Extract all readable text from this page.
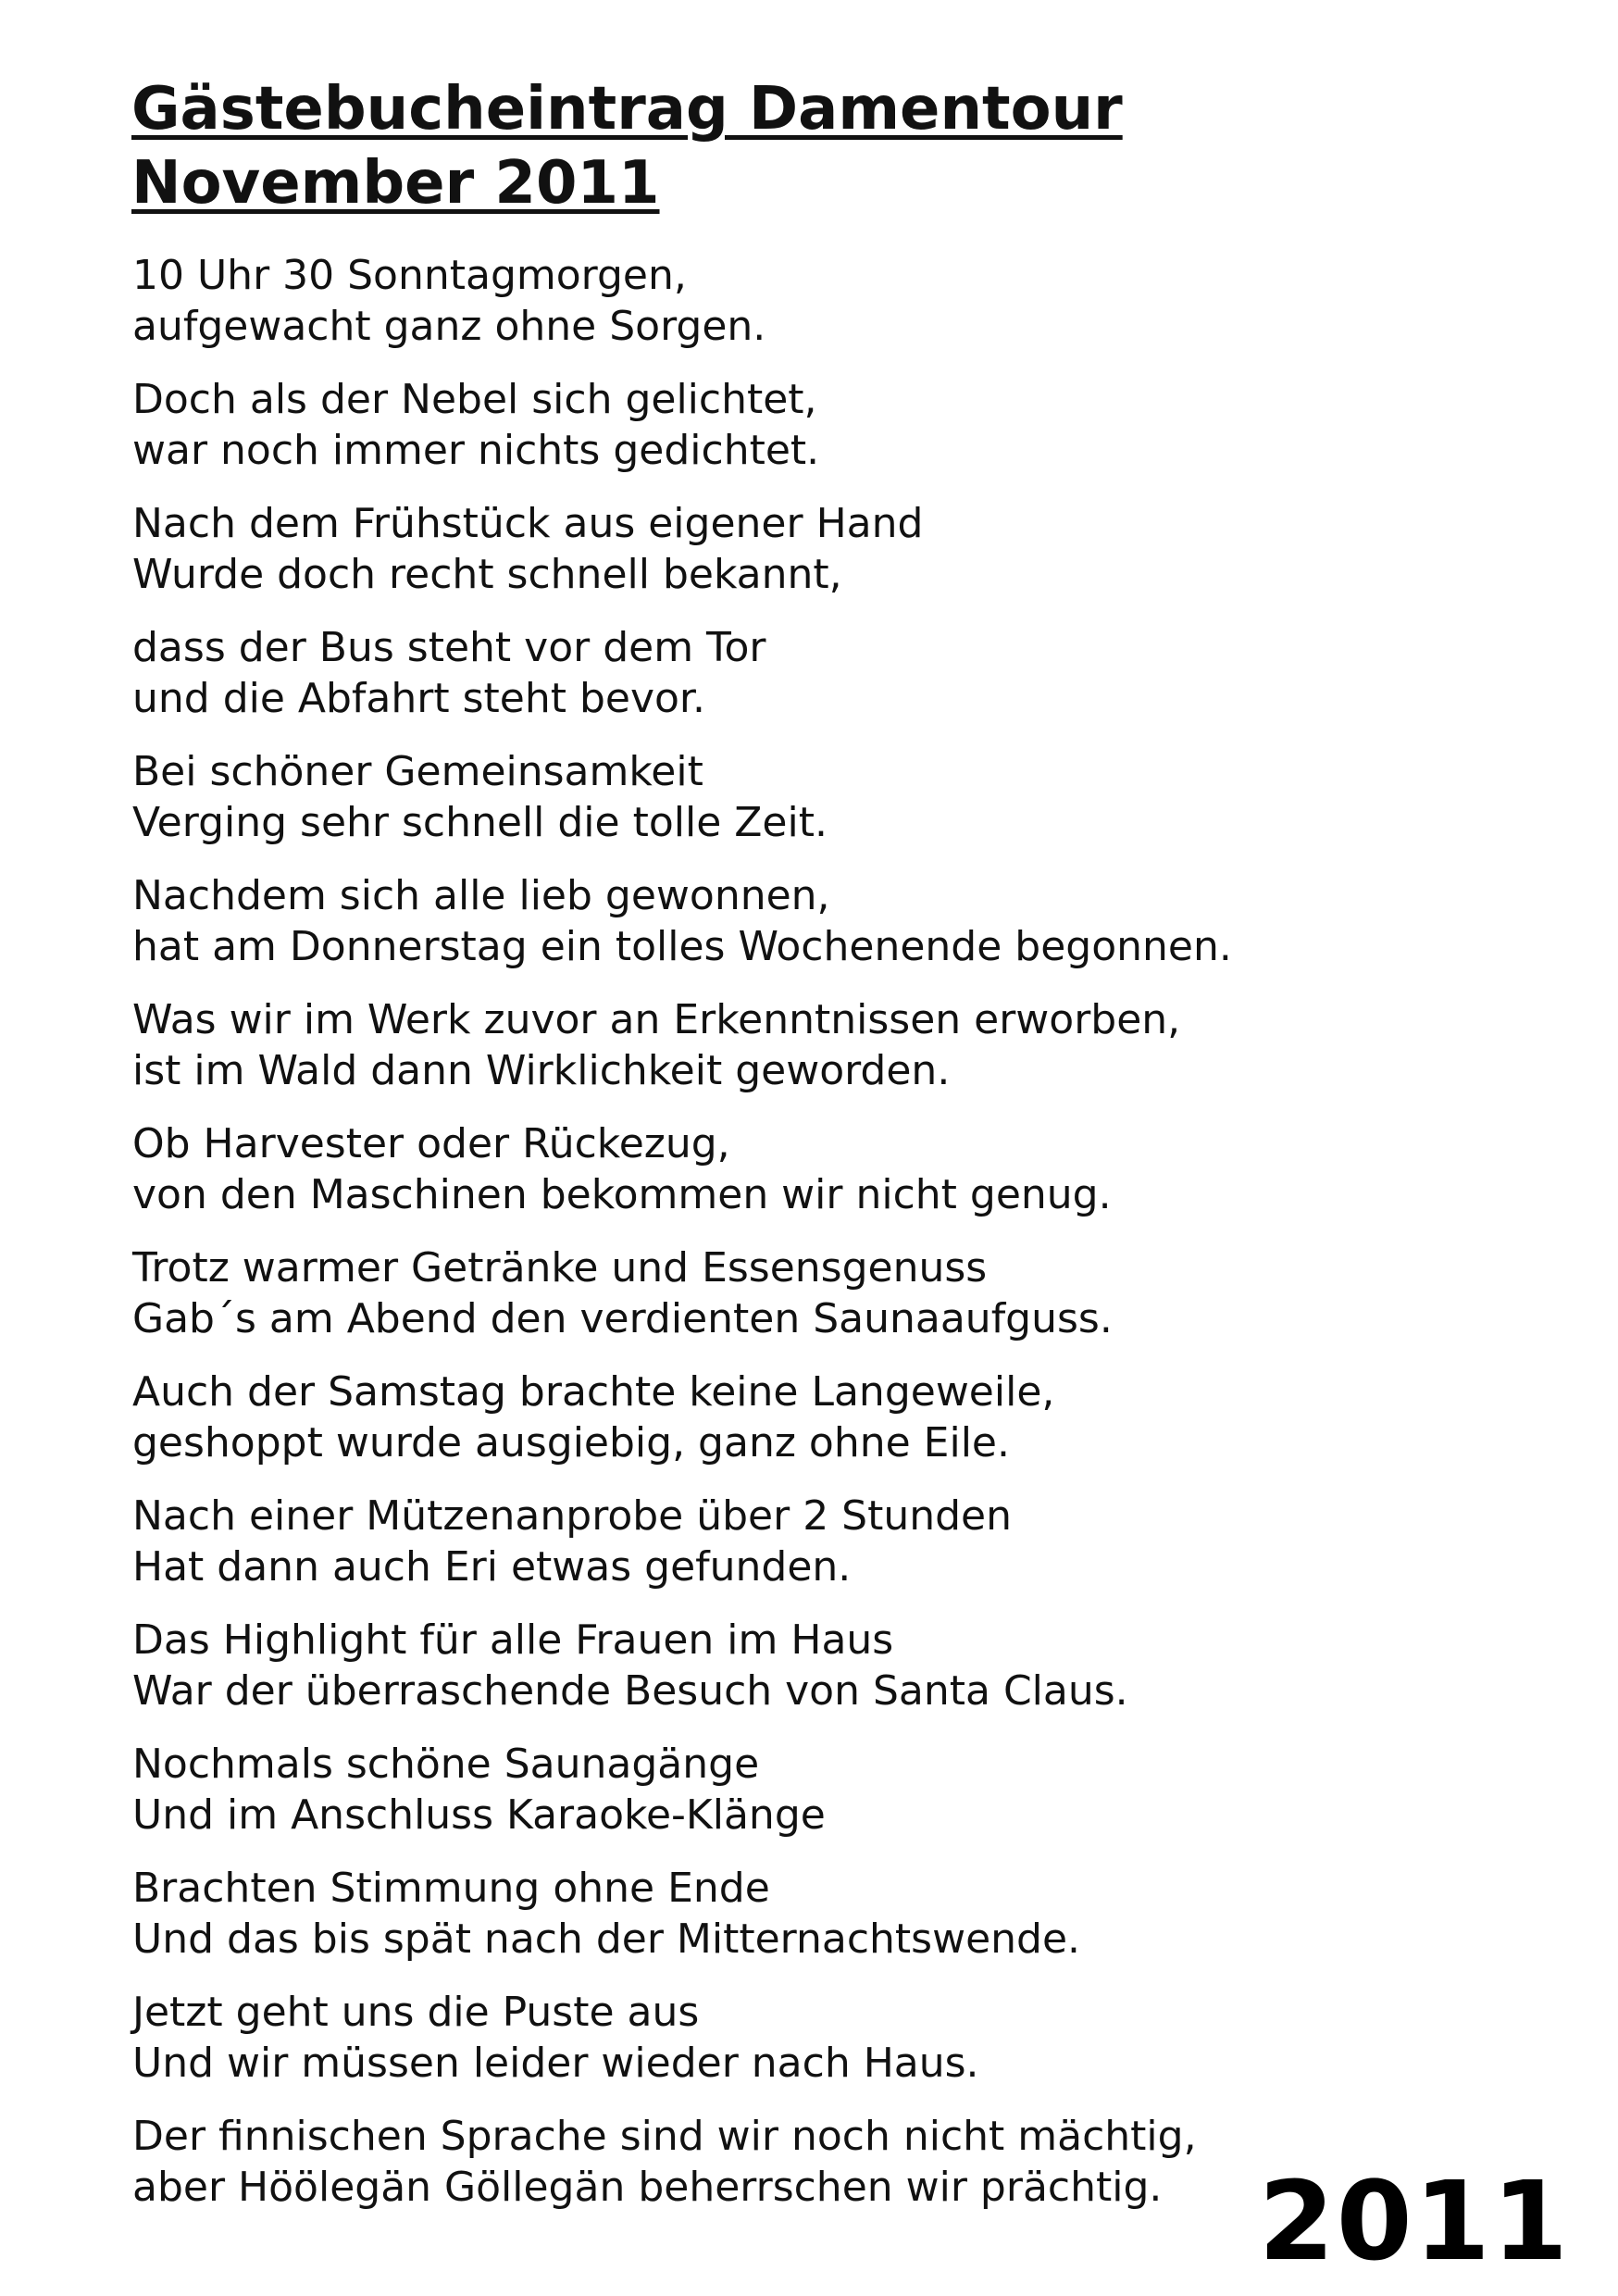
Gästebucheintrag Damentour
November 2011
10 Uhr 30 Sonntagmorgen,
aufgewacht ganz ohne Sorgen.
Doch als der Nebel sich gelichtet,
war noch immer nichts gedichtet.
Nach dem Frühstück aus eigener Hand
Wurde doch recht schnell bekannt,
dass der Bus steht vor dem Tor
und die Abfahrt steht bevor.
Bei schöner Gemeinsamkeit
Verging sehr schnell die tolle Zeit.
Nachdem sich alle lieb gewonnen,
hat am Donnerstag ein tolles Wochenende begonnen.
Was wir im Werk zuvor an Erkenntnissen erworben,
ist im Wald dann Wirklichkeit geworden.
Ob Harvester oder Rückezug,
von den Maschinen bekommen wir nicht genug.
Trotz warmer Getränke und Essensgenuss
Gab´s am Abend den verdienten Saunaaufguss.
Auch der Samstag brachte keine Langeweile,
geshoppt wurde ausgiebig, ganz ohne Eile.
Nach einer Mützenanprobe über 2 Stunden
Hat dann auch Eri etwas gefunden.
Das Highlight für alle Frauen im Haus
War der überraschende Besuch von Santa Claus.
Nochmals schöne Saunagänge
Und im Anschluss Karaoke-Klänge
Brachten Stimmung ohne Ende
Und das bis spät nach der Mitternachtswende.
Jetzt geht uns die Puste aus
Und wir müssen leider wieder nach Haus.
Der finnischen Sprache sind wir noch nicht mächtig,
aber Höölegän Göllegän beherrschen wir prächtig. 2011
